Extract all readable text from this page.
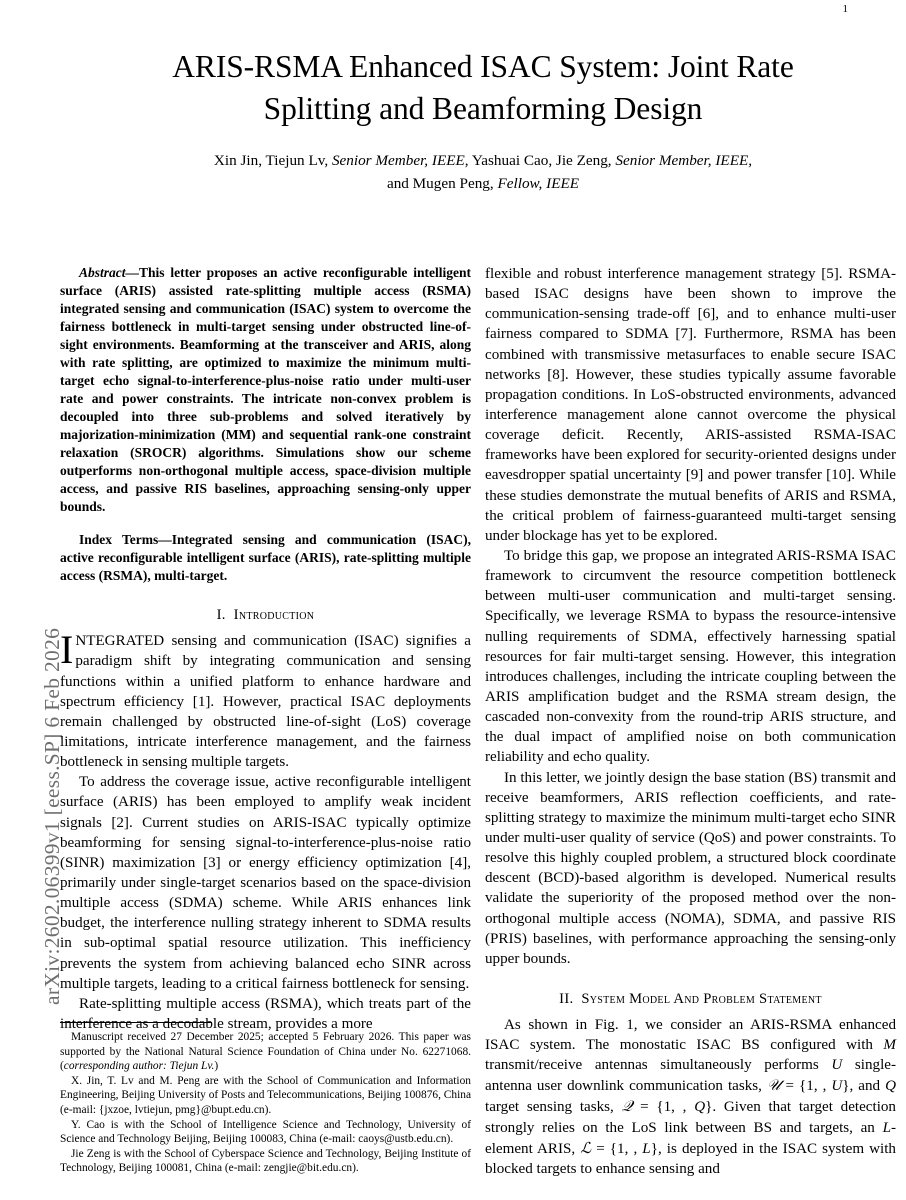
arXiv:2602.06399v1 [eess.SP] 6 Feb 2026
1
ARIS-RSMA Enhanced ISAC System: Joint Rate
Splitting and Beamforming Design
Xin Jin, Tiejun Lv, Senior Member, IEEE, Yashuai Cao, Jie Zeng, Senior Member, IEEE,
and Mugen Peng, Fellow, IEEE

Abstract—This letter proposes an active reconfigurable intelligent surface (ARIS) assisted rate-splitting multiple access (RSMA) integrated sensing and communication (ISAC) system to overcome the fairness bottleneck in multi-target sensing under obstructed line-of-sight environments. Beamforming at the transceiver and ARIS, along with rate splitting, are optimized to maximize the minimum multi-target echo signal-to-interference-plus-noise ratio under multi-user rate and power constraints. The intricate non-convex problem is decoupled into three sub-problems and solved iteratively by majorization-minimization (MM) and sequential rank-one constraint relaxation (SROCR) algorithms. Simulations show our scheme outperforms non-orthogonal multiple access, space-division multiple access, and passive RIS baselines, approaching sensing-only upper bounds.

Index Terms—Integrated sensing and communication (ISAC), active reconfigurable intelligent surface (ARIS), rate-splitting multiple access (RSMA), multi-target.

I. Introduction

INTEGRATED sensing and communication (ISAC) signifies a paradigm shift by integrating communication and sensing functions within a unified platform to enhance hardware and spectrum efficiency [1]. However, practical ISAC deployments remain challenged by obstructed line-of-sight (LoS) coverage limitations, intricate interference management, and the fairness bottleneck in sensing multiple targets.

To address the coverage issue, active reconfigurable intelligent surface (ARIS) has been employed to amplify weak incident signals [2]. Current studies on ARIS-ISAC typically optimize beamforming for sensing signal-to-interference-plus-noise ratio (SINR) maximization [3] or energy efficiency optimization [4], primarily under single-target scenarios based on the space-division multiple access (SDMA) scheme. While ARIS enhances link budget, the interference nulling strategy inherent to SDMA results in sub-optimal spatial resource utilization. This inefficiency prevents the system from achieving balanced echo SINR across multiple targets, leading to a critical fairness bottleneck for sensing.

Rate-splitting multiple access (RSMA), which treats part of the interference as a decodable stream, provides a more

flexible and robust interference management strategy [5]. RSMA-based ISAC designs have been shown to improve the communication-sensing trade-off [6], and to enhance multi-user fairness compared to SDMA [7]. Furthermore, RSMA has been combined with transmissive metasurfaces to enable secure ISAC networks [8]. However, these studies typically assume favorable propagation conditions. In LoS-obstructed environments, advanced interference management alone cannot overcome the physical coverage deficit. Recently, ARIS-assisted RSMA-ISAC frameworks have been explored for security-oriented designs under eavesdropper spatial uncertainty [9] and power transfer [10]. While these studies demonstrate the mutual benefits of ARIS and RSMA, the critical problem of fairness-guaranteed multi-target sensing under blockage has yet to be explored.

To bridge this gap, we propose an integrated ARIS-RSMA ISAC framework to circumvent the resource competition bottleneck between multi-user communication and multi-target sensing. Specifically, we leverage RSMA to bypass the resource-intensive nulling requirements of SDMA, effectively harnessing spatial resources for fair multi-target sensing. However, this integration introduces challenges, including the intricate coupling between the ARIS amplification budget and the RSMA stream design, the cascaded non-convexity from the round-trip ARIS structure, and the dual impact of amplified noise on both communication reliability and echo quality.

In this letter, we jointly design the base station (BS) transmit and receive beamformers, ARIS reflection coefficients, and rate-splitting strategy to maximize the minimum multi-target echo SINR under multi-user quality of service (QoS) and power constraints. To resolve this highly coupled problem, a structured block coordinate descent (BCD)-based algorithm is developed. Numerical results validate the superiority of the proposed method over the non-orthogonal multiple access (NOMA), SDMA, and passive RIS (PRIS) baselines, with performance approaching the sensing-only upper bounds.

II. System Model And Problem Statement

As shown in Fig. 1, we consider an ARIS-RSMA enhanced ISAC system. The monostatic ISAC BS configured with M transmit/receive antennas simultaneously performs U single-antenna user downlink communication tasks, 𝒰 = {1, , U}, and Q target sensing tasks, 𝒬 = {1, , Q}. Given that target detection strongly relies on the LoS link between BS and targets, an L-element ARIS, ℒ = {1, , L}, is deployed in the ISAC system with blocked targets to enhance sensing and

Manuscript received 27 December 2025; accepted 5 February 2026. This paper was supported by the National Natural Science Foundation of China under No. 62271068. (corresponding author: Tiejun Lv.)

X. Jin, T. Lv and M. Peng are with the School of Communication and Information Engineering, Beijing University of Posts and Telecommunications, Beijing 100876, China (e-mail: {jxzoe, lvtiejun, pmg}@bupt.edu.cn).

Y. Cao is with the School of Intelligence Science and Technology, University of Science and Technology Beijing, Beijing 100083, China (e-mail: caoys@ustb.edu.cn).

Jie Zeng is with the School of Cyberspace Science and Technology, Beijing Institute of Technology, Beijing 100081, China (e-mail: zengjie@bit.edu.cn).
